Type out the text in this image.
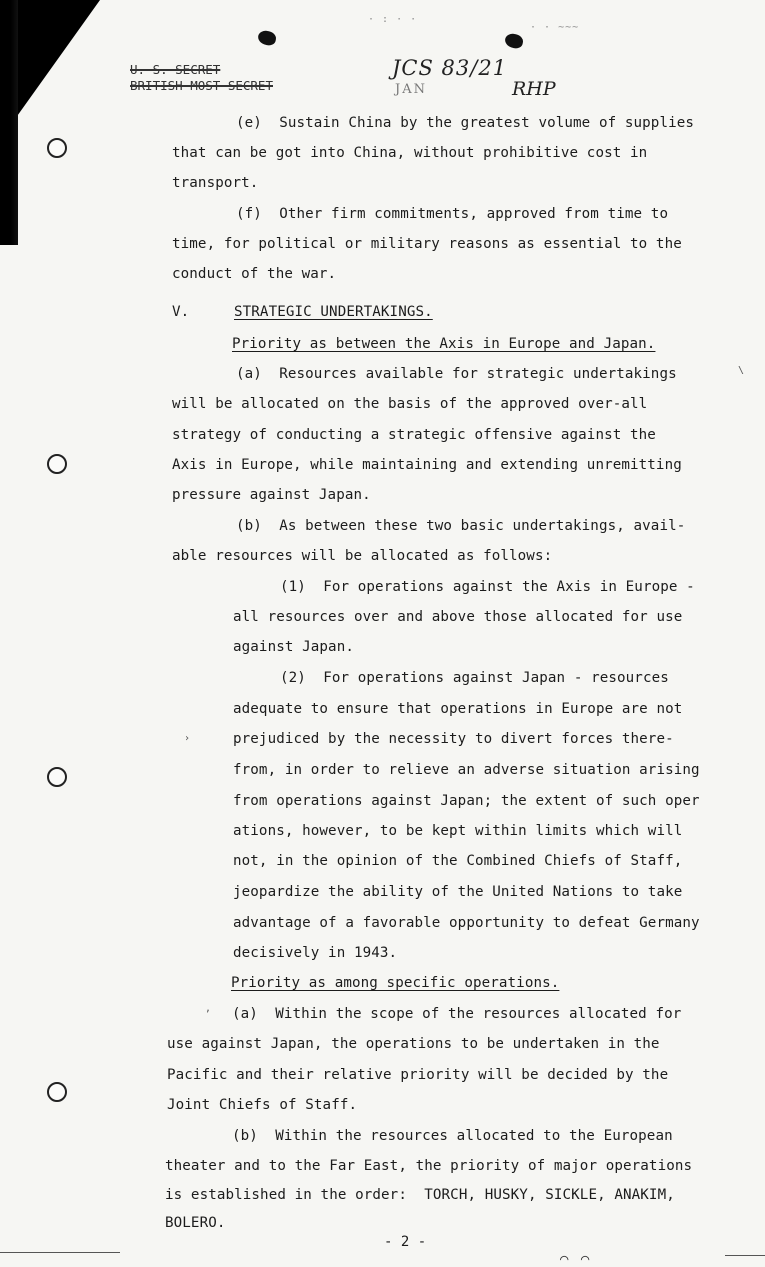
· : · ·
· · ~~~
›
,
\
U. S. SECRET
BRITISH MOST SECRET
JCS 83/21
JAN	RHP
(e)  Sustain China by the greatest volume of supplies
that can be got into China, without prohibitive cost in
transport.
(f)  Other firm commitments, approved from time to
time, for political or military reasons as essential to the
conduct of the war.
V.	STRATEGIC UNDERTAKINGS.
Priority as between the Axis in Europe and Japan.
(a)  Resources available for strategic undertakings
will be allocated on the basis of the approved over-all
strategy of conducting a strategic offensive against the
Axis in Europe, while maintaining and extending unremitting
pressure against Japan.
(b)  As between these two basic undertakings, avail-
able resources will be allocated as follows:
(1)  For operations against the Axis in Europe -
all resources over and above those allocated for use
against Japan.
(2)  For operations against Japan - resources
adequate to ensure that operations in Europe are not
prejudiced by the necessity to divert forces there-
from, in order to relieve an adverse situation arising
from operations against Japan; the extent of such oper
ations, however, to be kept within limits which will
not, in the opinion of the Combined Chiefs of Staff,
jeopardize the ability of the United Nations to take
advantage of a favorable opportunity to defeat Germany
decisively in 1943.
Priority as among specific operations.
(a)  Within the scope of the resources allocated for
use against Japan, the operations to be undertaken in the
Pacific and their relative priority will be decided by the
Joint Chiefs of Staff.
(b)  Within the resources allocated to the European
theater and to the Far East, the priority of major operations
is established in the order:  TORCH, HUSKY, SICKLE, ANAKIM,
BOLERO.
- 2 -
⌒ ⌒
